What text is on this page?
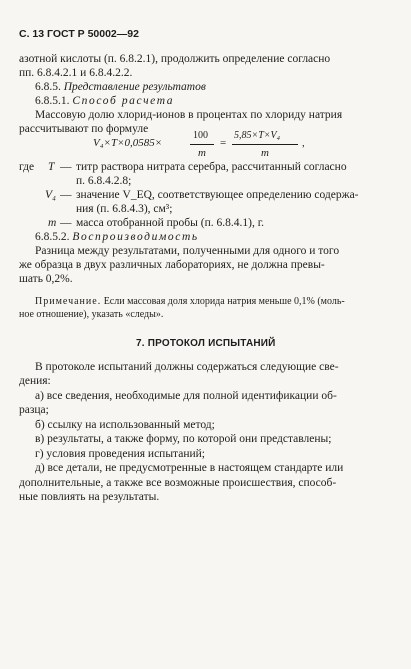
С. 13 ГОСТ Р 50002—92
азотной кислоты (п. 6.8.2.1), продолжить определение согласно
пп. 6.8.4.2.1 и 6.8.4.2.2.
6.8.5. Представление результатов
6.8.5.1. Способ расчета
Массовую долю хлорид-ионов в процентах по хлориду натрия
рассчитывают по формуле
V₄×T×0,0585×
100
m
=
5,85×T×V₄
m
,
где T — титр раствора нитрата серебра, рассчитанный согласно
п. 6.8.4.2.8;
V₄ — значение V_EQ, соответствующее определению содержа-
ния (п. 6.8.4.3), см³;
m — масса отобранной пробы (п. 6.8.4.1), г.
6.8.5.2. Воспроизводимость
Разница между результатами, полученными для одного и того
же образца в двух различных лабораториях, не должна превы-
шать 0,2%.
Примечание. Если массовая доля хлорида натрия меньше 0,1% (моль-
ное отношение), указать «следы».
7. ПРОТОКОЛ ИСПЫТАНИЙ
В протоколе испытаний должны содержаться следующие све-
дения:
а) все сведения, необходимые для полной идентификации об-
разца;
б) ссылку на использованный метод;
в) результаты, а также форму, по которой они представлены;
г) условия проведения испытаний;
д) все детали, не предусмотренные в настоящем стандарте или
дополнительные, а также все возможные происшествия, способ-
ные повлиять на результаты.
